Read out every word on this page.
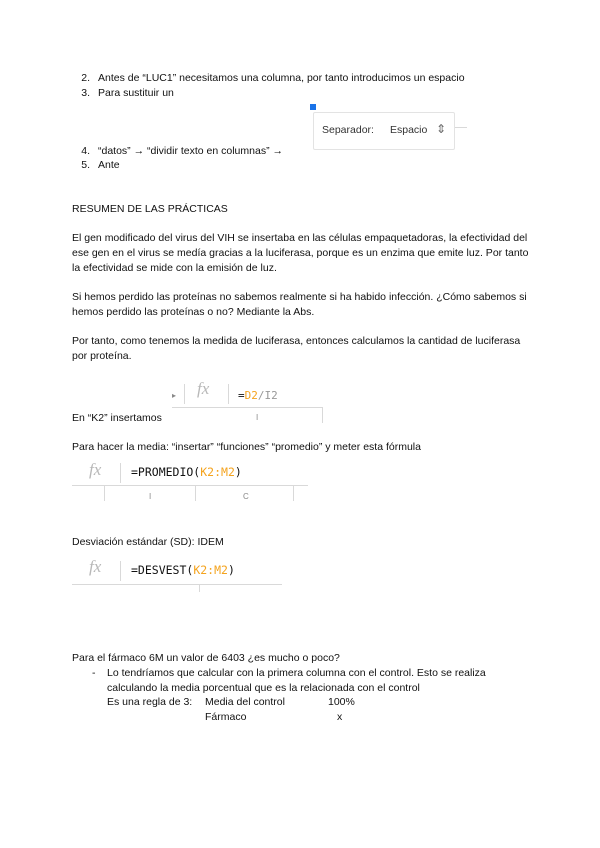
2. Antes de “LUC1” necesitamos una columna, por tanto introducimos un espacio
3. Para sustituir un
Separador: Espacio ⇕
4. “datos” → “dividir texto en columnas” →
5. Ante
RESUMEN DE LAS PRÁCTICAS
El gen modificado del virus del VIH se insertaba en las células empaquetadoras, la efectividad del ese gen en el virus se medía gracias a la luciferasa, porque es un enzima que emite luz. Por tanto la efectividad se mide con la emisión de luz.
Si hemos perdido las proteínas no sabemos realmente si ha habido infección. ¿Cómo sabemos si hemos perdido las proteínas o no? Mediante la Abs.
Por tanto, como tenemos la medida de luciferasa, entonces calculamos la cantidad de luciferasa por proteína.
▸ fx	=D2/I2
I
En “K2” insertamos
Para hacer la media: “insertar” “funciones” “promedio” y meter esta fórmula
fx	=PROMEDIO(K2:M2)
I	C
Desviación estándar (SD): IDEM
fx	=DESVEST(K2:M2)
Para el fármaco 6M un valor de 6403 ¿es mucho o poco?
- Lo tendríamos que calcular con la primera columna con el control. Esto se realiza
calculando la media porcentual que es la relacionada con el control
Es una regla de 3: Media del control	100%
Fármaco	x
